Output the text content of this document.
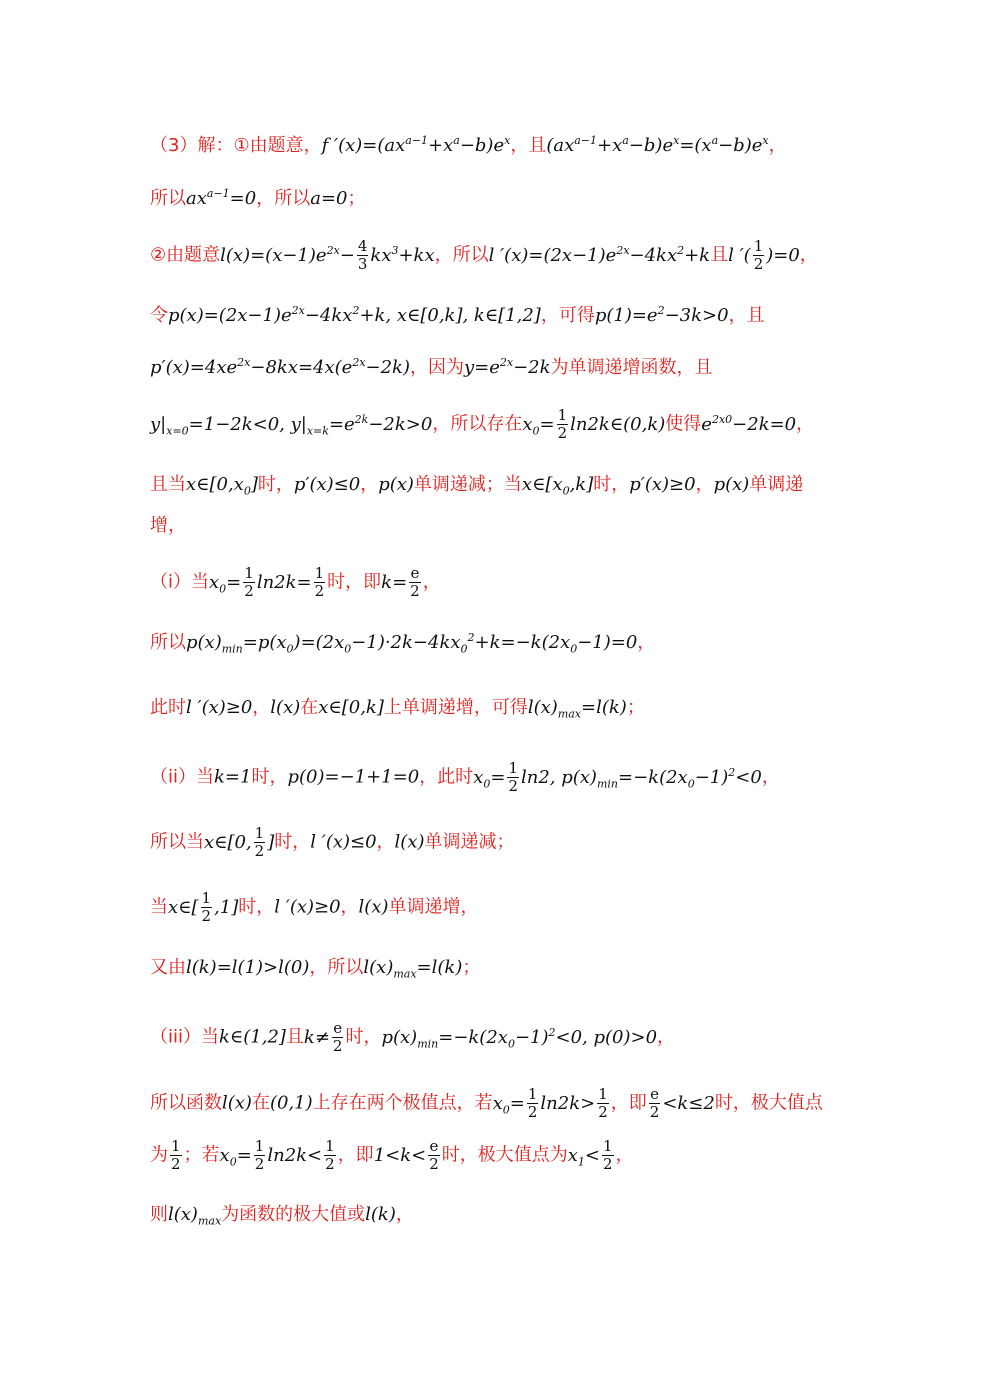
（3）解：①由题意，f $'(x)=(ax^{a-1}+x^a-b)e^x$，且$(ax^{a-1}+x^a-b)e^x=(x^a-b)e^x$，
所以$ax^{a-1}=0$，所以a=0；
②由题意$l(x)=(x-1)e^{2x}- \frac{4}{3} kx^3+kx$，所以l $'(x)=(2x-1)e^{2x}-4kx^2+k$且l ′( $\frac{1}{2} )=0$，
令$p(x)=(2x-1)e^{2x}-4kx^2+k$, x∈[0,k], k∈[1,2]，可得$p(1)=e^2-3k>0$，且
$p'(x)=4xe^{2x}-8kx=4x(e^{2x}-2k)$，因为$y=e^{2x}-2k$为单调递增函数，且
$y|_{x=0}=1-2k<0$, $y|_{x=k}=e^{2k}-2k>0$，所以存在$x_0= \frac{1}{2}$ ln2k∈(0,k)使得$e^{2x0}-2k=0$，
且当$x\in[0,x_0]$时，p′(x)≤0，p(x)单调递减；当$x\in[x_0,k]$时，p′(x)≥0，p(x)单调递
增，
（i）当$x_0= \frac{1}{2} \ln 2k= \frac{1}{2}$ 时，即$k= \frac{e}{2}$ ，
所以$p(x)_{min}=p(x_0)=(2x_0-1)\cdot 2k-4kx_0^2+k=-k(2x_0-1)=0$，
此时l ′(x)≥0，l(x)在x∈[0,k]上单调递增，可得$l(x)_{max}=l(k)$；
（ii）当k=1时，p(0)=−1+1=0，此时$x_0= \frac{1}{2} \ln 2$, $p(x)_{min}=-k(2x_0-1)^2<0$，
所以当x∈[0, $\frac{1}{2}$ ]时，l ′(x)≤0，l(x)单调递减；
当x∈[ $\frac{1}{2} ,1$]时，l ′(x)≥0，l(x)单调递增，
又由l(k)=l(1)>l(0)，所以$l(x)_{max}=l(k)$；
（iii）当k∈(1,2]且$k\ne \frac{e}{2}$ 时，$p(x)_{min}=-k(2x_0-1)^2<0$, p(0)>0，
所以函数l(x)在(0,1)上存在两个极值点，若$x_0= \frac{1}{2} \ln 2k> \frac{1}{2}$ ，即 $\frac{e}{2} <k\le 2$时，极大值点
为 $\frac{1}{2}$ ；若$x_0= \frac{1}{2} \ln 2k< \frac{1}{2}$ ，即$1<k< \frac{e}{2}$ 时，极大值点为$x_1< \frac{1}{2}$ ，
则$l(x)_{max}$为函数的极大值或l(k)，
